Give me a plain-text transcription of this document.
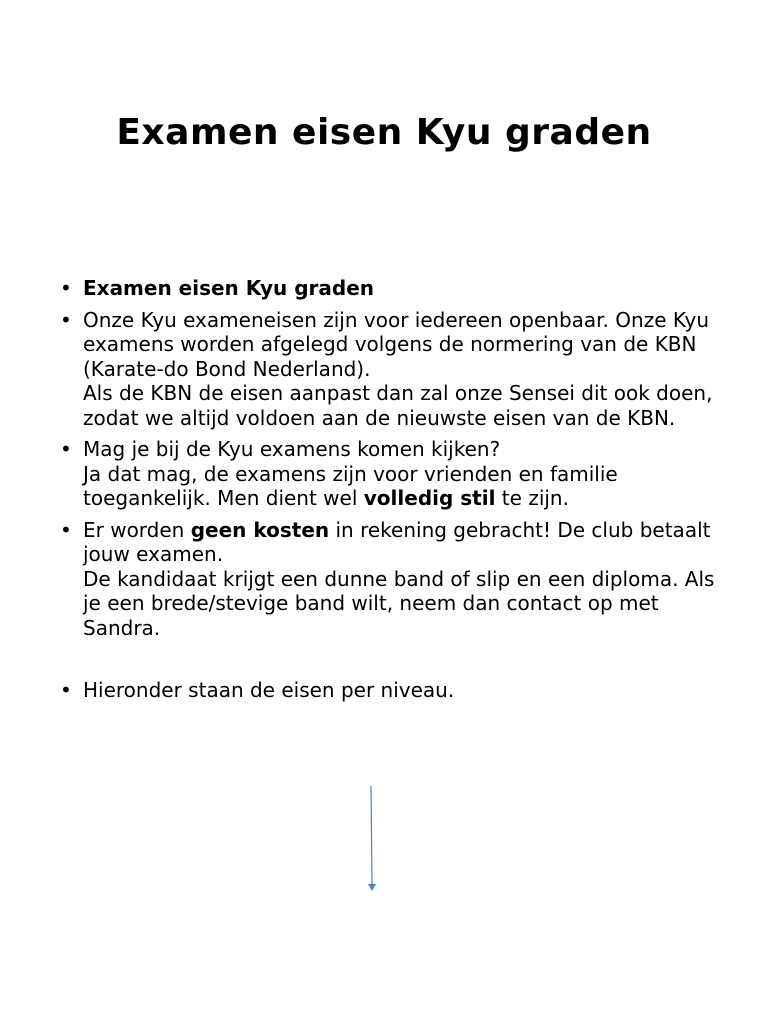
Examen eisen Kyu graden
• Examen eisen Kyu graden
• Onze Kyu exameneisen zijn voor iedereen openbaar. Onze Kyu examens worden afgelegd volgens de normering van de KBN (Karate-do Bond Nederland).
Als de KBN de eisen aanpast dan zal onze Sensei dit ook doen, zodat we altijd voldoen aan de nieuwste eisen van de KBN.
• Mag je bij de Kyu examens komen kijken?
Ja dat mag, de examens zijn voor vrienden en familie toegankelijk. Men dient wel volledig stil te zijn.
• Er worden geen kosten in rekening gebracht! De club betaalt jouw examen.
De kandidaat krijgt een dunne band of slip en een diploma. Als je een brede/stevige band wilt, neem dan contact op met Sandra.
• Hieronder staan de eisen per niveau.
